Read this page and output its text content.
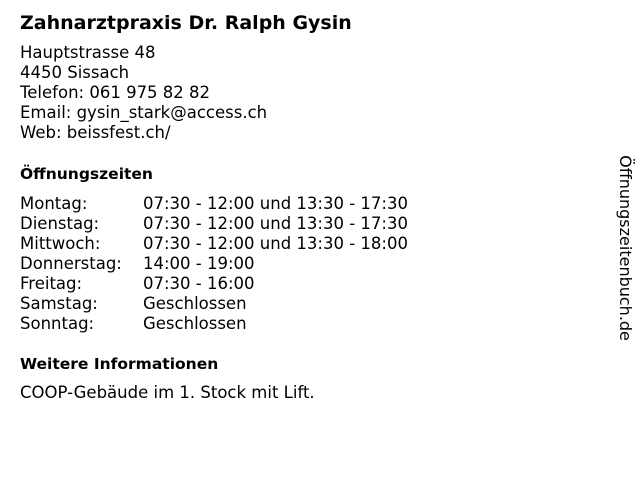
Zahnarztpraxis Dr. Ralph Gysin
Hauptstrasse 48
4450 Sissach
Telefon: 061 975 82 82
Email: gysin_stark@access.ch
Web: beissfest.ch/
Öffnungszeiten
Montag:	07:30 - 12:00 und 13:30 - 17:30
Dienstag:	07:30 - 12:00 und 13:30 - 17:30
Mittwoch:	07:30 - 12:00 und 13:30 - 18:00
Donnerstag:	14:00 - 19:00
Freitag:	07:30 - 16:00
Samstag:	Geschlossen
Sonntag:	Geschlossen
Weitere Informationen
COOP-Gebäude im 1. Stock mit Lift.
Öffnungszeitenbuch.de
